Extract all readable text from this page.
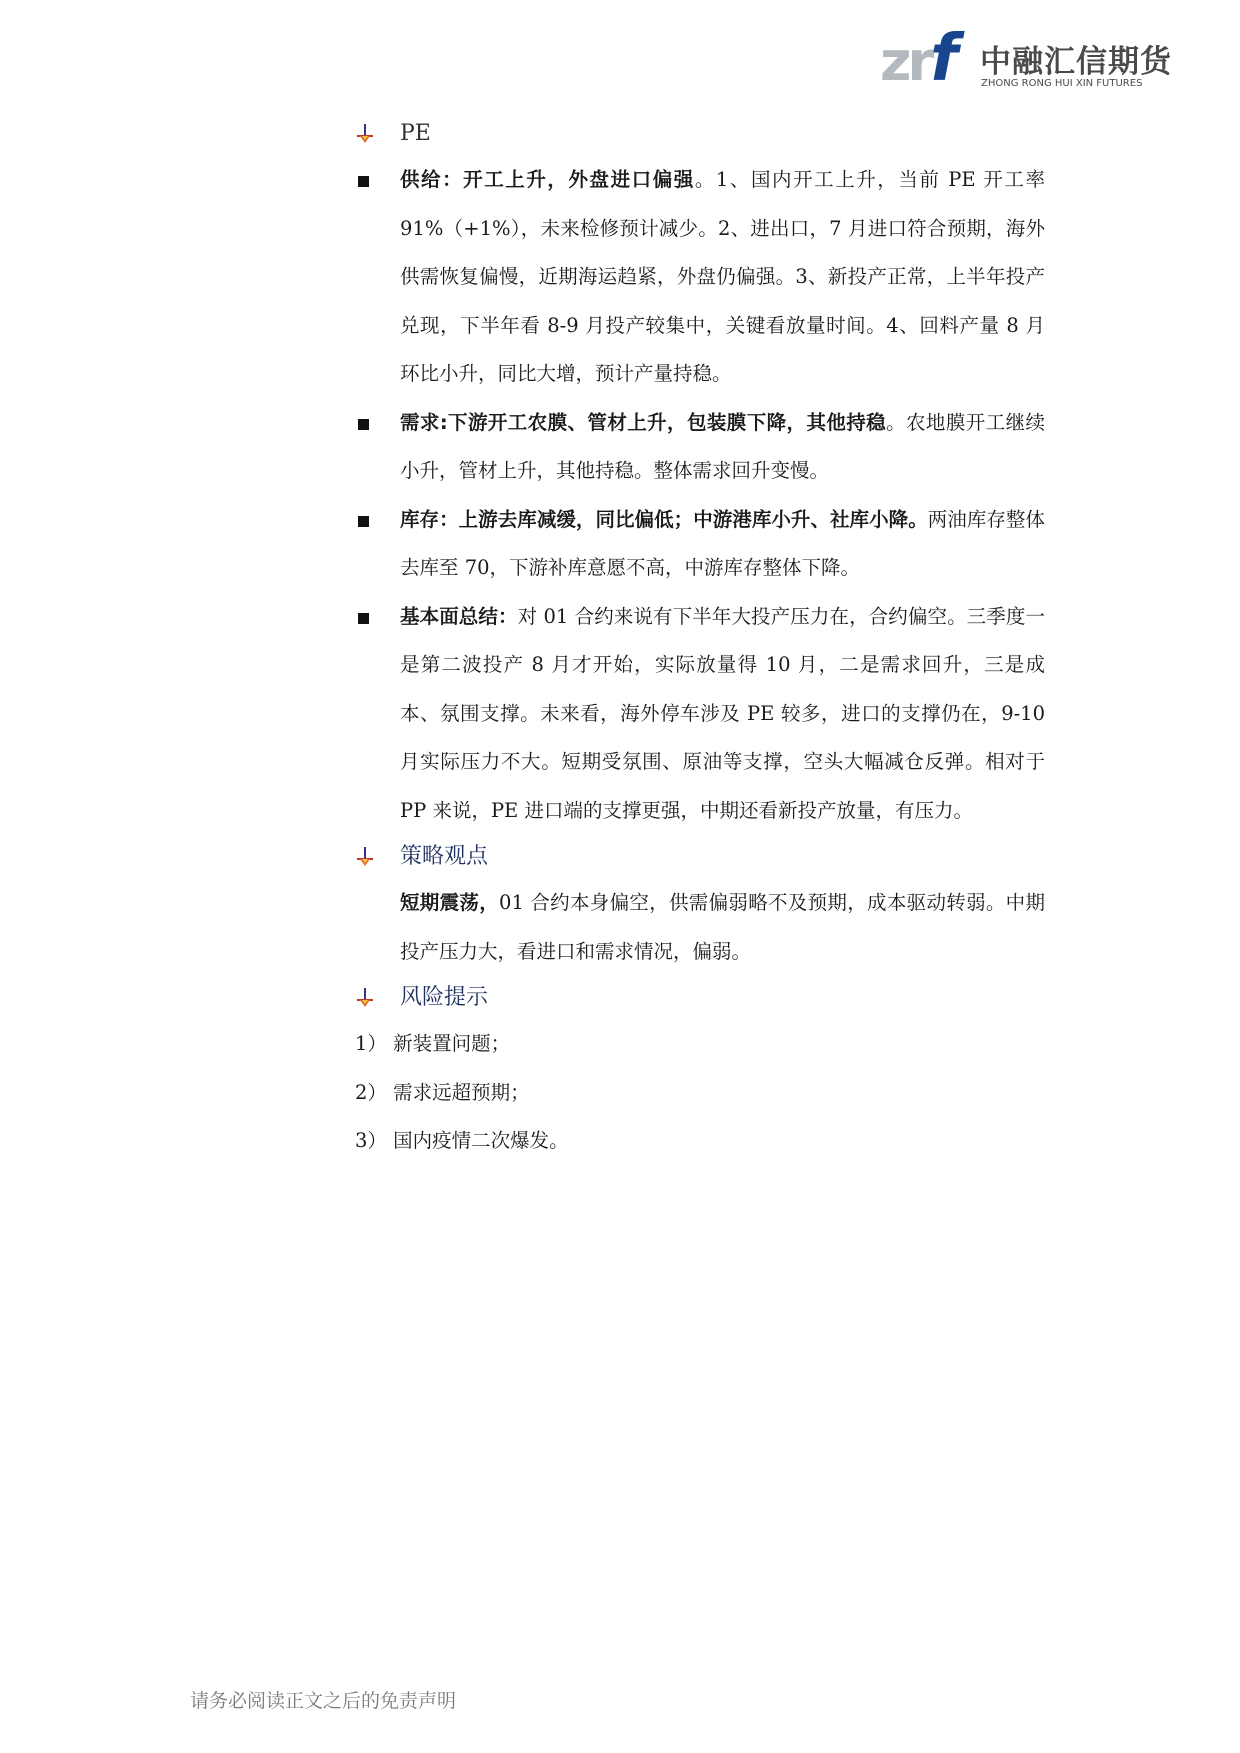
zrf 中融汇信期货
ZHONG RONG HUI XIN FUTURES
PE

供给：开工上升，外盘进口偏强。1、国内开工上升，当前 PE 开工率 91%（+1%），未来检修预计减少。2、进出口，7 月进口符合预期，海外供需恢复偏慢，近期海运趋紧，外盘仍偏强。3、新投产正常，上半年投产兑现，下半年看 8-9 月投产较集中，关键看放量时间。4、回料产量 8 月环比小升，同比大增，预计产量持稳。

需求:下游开工农膜、管材上升，包装膜下降，其他持稳。农地膜开工继续小升，管材上升，其他持稳。整体需求回升变慢。

库存：上游去库减缓，同比偏低；中游港库小升、社库小降。两油库存整体去库至 70，下游补库意愿不高，中游库存整体下降。

基本面总结：对 01 合约来说有下半年大投产压力在，合约偏空。三季度一是第二波投产 8 月才开始，实际放量得 10 月，二是需求回升，三是成本、氛围支撑。未来看，海外停车涉及 PE 较多，进口的支撑仍在，9-10 月实际压力不大。短期受氛围、原油等支撑，空头大幅减仓反弹。相对于 PP 来说，PE 进口端的支撑更强，中期还看新投产放量，有压力。

策略观点

短期震荡，01 合约本身偏空，供需偏弱略不及预期，成本驱动转弱。中期投产压力大，看进口和需求情况，偏弱。

风险提示

1） 新装置问题；

2） 需求远超预期；

3） 国内疫情二次爆发。

请务必阅读正文之后的免责声明
